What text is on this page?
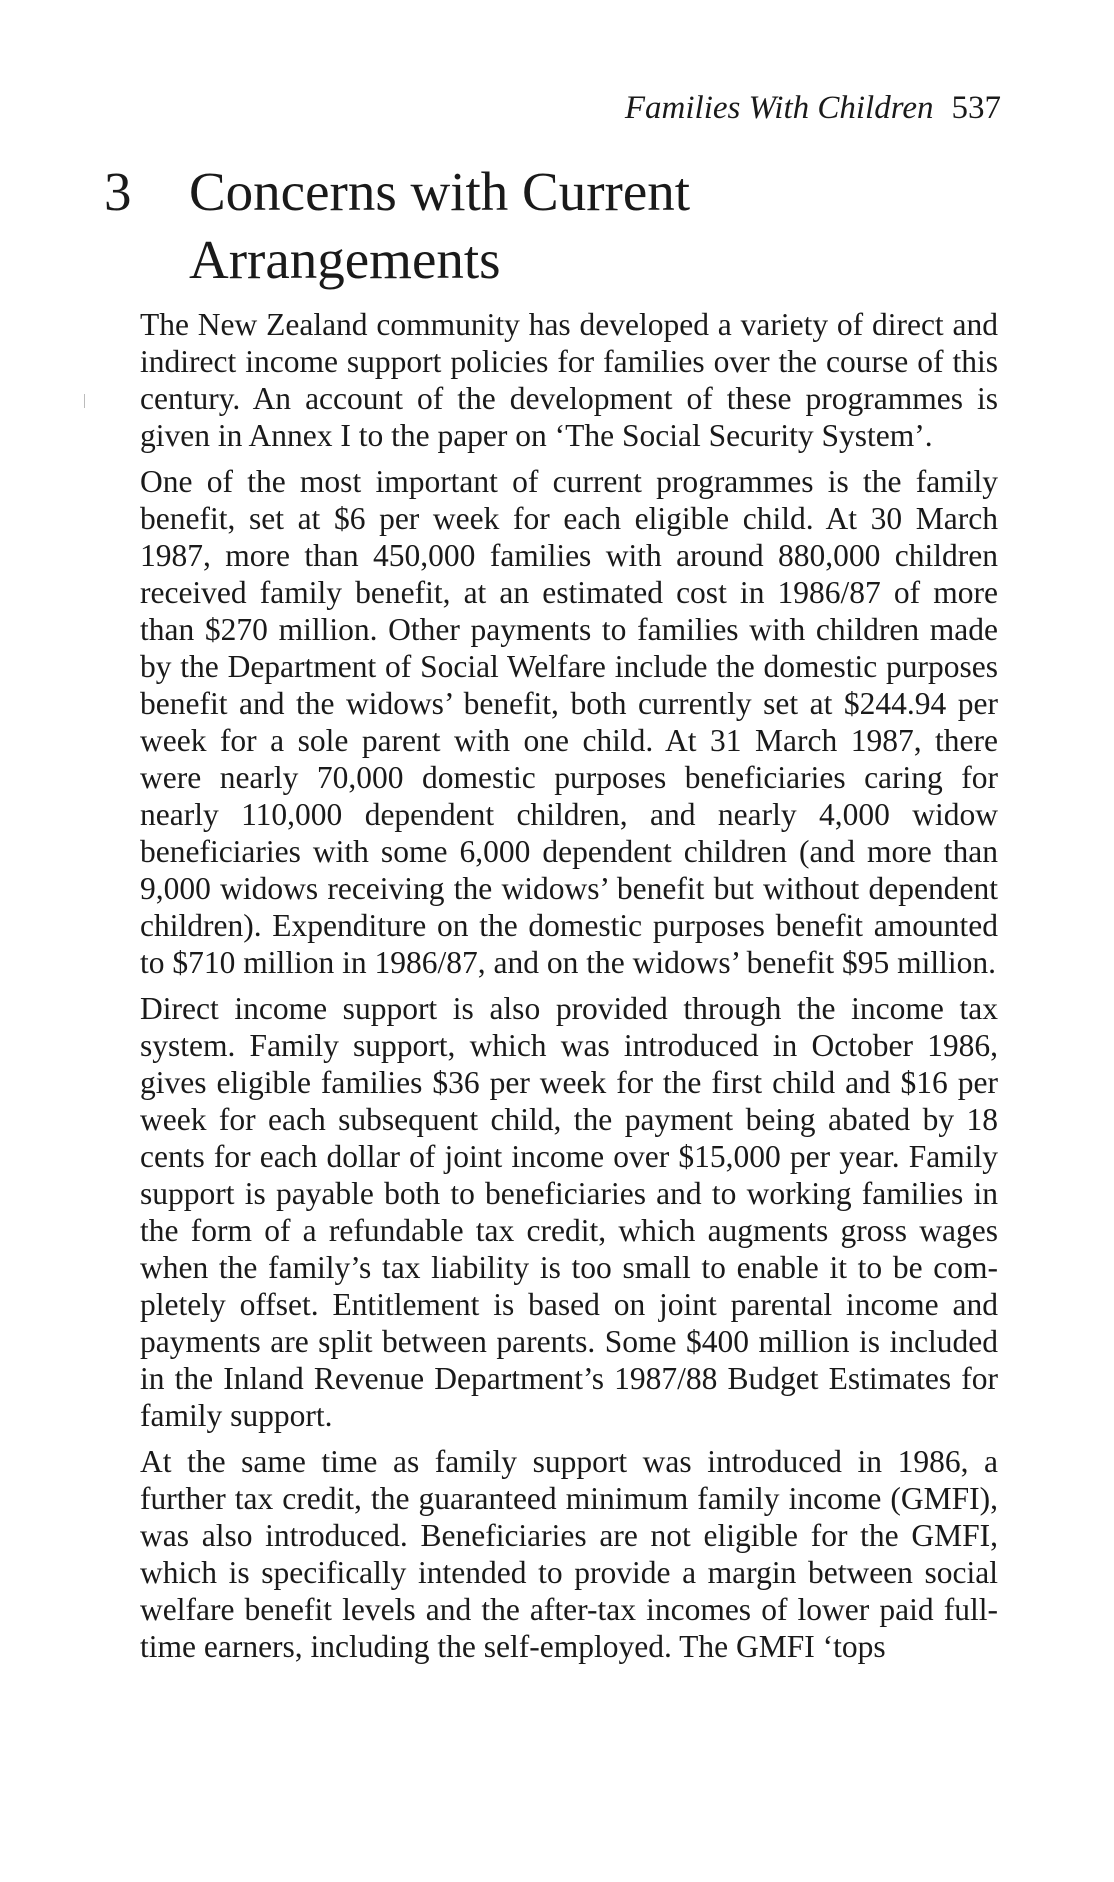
Families With Children 537
3 Concerns with Current Arrangements

The New Zealand community has developed a variety of direct and indirect income support policies for families over the course of this century. An account of the development of these programmes is given in Annex I to the paper on ‘The Social Security System’.

One of the most important of current programmes is the family benefit, set at $6 per week for each eligible child. At 30 March 1987, more than 450,000 families with around 880,000 children received family benefit, at an estimated cost in 1986/87 of more than $270 million. Other payments to families with children made by the Department of Social Welfare include the domestic purposes benefit and the widows’ benefit, both currently set at $244.94 per week for a sole parent with one child. At 31 March 1987, there were nearly 70,000 domestic purposes beneficiaries caring for nearly 110,000 dependent children, and nearly 4,000 widow beneficiaries with some 6,000 dependent children (and more than 9,000 widows receiving the widows’ benefit but without dependent children). Expenditure on the domestic purposes benefit amounted to $710 million in 1986/87, and on the widows’ benefit $95 million.

Direct income support is also provided through the income tax system. Family support, which was introduced in October 1986, gives eligible families $36 per week for the first child and $16 per week for each subsequent child, the payment being abated by 18 cents for each dollar of joint income over $15,000 per year. Family support is payable both to beneficiaries and to working families in the form of a refundable tax credit, which augments gross wages when the family’s tax liability is too small to enable it to be completely offset. Entitlement is based on joint parental income and payments are split between parents. Some $400 million is included in the Inland Revenue Department’s 1987/88 Budget Estimates for family support.

At the same time as family support was introduced in 1986, a further tax credit, the guaranteed minimum family income (GMFI), was also introduced. Beneficiaries are not eligible for the GMFI, which is specifically intended to provide a margin between social welfare benefit levels and the after-tax incomes of lower paid full-time earners, including the self-employed. The GMFI ‘tops
